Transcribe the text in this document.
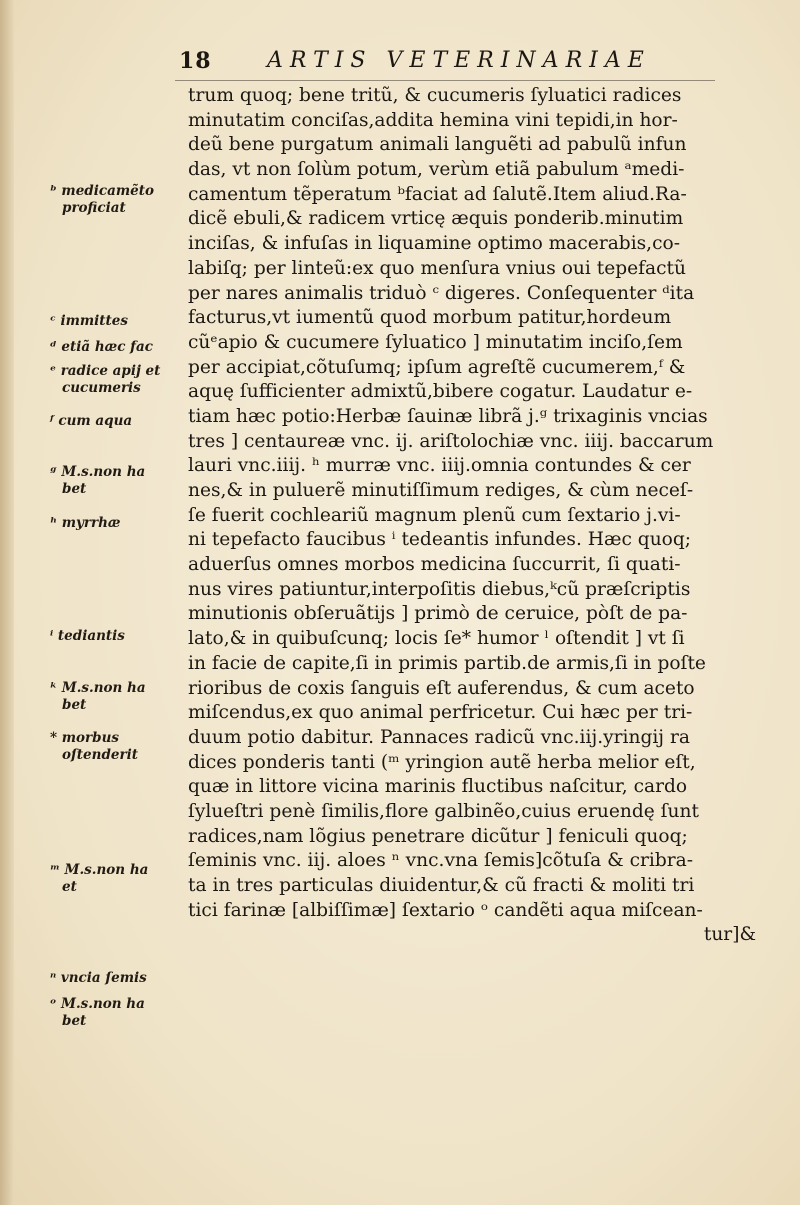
18	ARTIS VETERINARIAE
ᵇ medicamẽto
proficiat
ᶜ immittes
ᵈ etiã hæc fac
ᵉ radice apij et
cucumeris
ᶠ cum aqua
ᵍ M.s.non ha
bet
ʰ myrrhæ
ⁱ tediantis
ᵏ M.s.non ha
bet
* morbus
oſtenderit
ᵐ M.s.non ha
et
ⁿ vncia ſemis
ᵒ M.s.non ha
bet
trum quoq; bene tritũ, & cucumeris ſyluatici radices
minutatim conciſas,addita hemina vini tepidi,in hor-
deũ bene purgatum animali languẽti ad pabulũ infun
das, vt non ſolùm potum, verùm etiã pabulum ᵃmedi-
camentum tẽperatum ᵇfaciat ad ſalutẽ.Item aliud.Ra-
dicẽ ebuli,& radicem vrticę æquis ponderib.minutim
inciſas, & infuſas in liquamine optimo macerabis,co-
labiſq; per linteũ:ex quo menſura vnius oui tepefactũ
per nares animalis triduò ᶜ digeres. Conſequenter ᵈita
facturus,vt iumentũ quod morbum patitur,hordeum
cũᵉapio & cucumere ſyluatico ] minutatim inciſo,ſem
per accipiat,cõtuſumq; ipſum agreſtẽ cucumerem,ᶠ &
aquę ſufficienter admixtũ,bibere cogatur. Laudatur e-
tiam hæc potio:Herbæ ſauinæ librã j.ᵍ trixaginis vncias
tres ] centaureæ vnc. ij. ariſtolochiæ vnc. iiij. baccarum
lauri vnc.iiij. ʰ murræ vnc. iiij.omnia contundes & cer
nes,& in puluerẽ minutiſſimum rediges, & cùm neceſ-
ſe fuerit cochleariũ magnum plenũ cum ſextario j.vi-
ni tepefacto faucibus ⁱ tedeantis infundes. Hæc quoq;
aduerſus omnes morbos medicina ſuccurrit, ſi quati-
nus vires patiuntur,interpoſitis diebus,ᵏcũ præſcriptis
minutionis obſeruãtijs ] primò de ceruice, pòſt de pa-
lato,& in quibuſcunq; locis ſe* humor ˡ oſtendit ] vt ſi
in facie de capite,ſi in primis partib.de armis,ſi in poſte
rioribus de coxis ſanguis eſt auferendus, & cum aceto
miſcendus,ex quo animal perfricetur. Cui hæc per tri-
duum potio dabitur. Pannaces radicũ vnc.iij.yringij ra
dices ponderis tanti (ᵐ yringion autẽ herba melior eſt,
quæ in littore vicina marinis fluctibus naſcitur, cardo
ſylueſtri penè ſimilis,flore galbinẽo,cuius eruendę ſunt
radices,nam lõgius penetrare dicũtur ] feniculi quoq;
ſeminis vnc. iij. aloes ⁿ vnc.vna ſemis]cõtuſa & cribra-
ta in tres particulas diuidentur,& cũ fracti & moliti tri
tici farinæ [albiſſimæ] ſextario ᵒ candẽti aqua miſcean-
tur]&
